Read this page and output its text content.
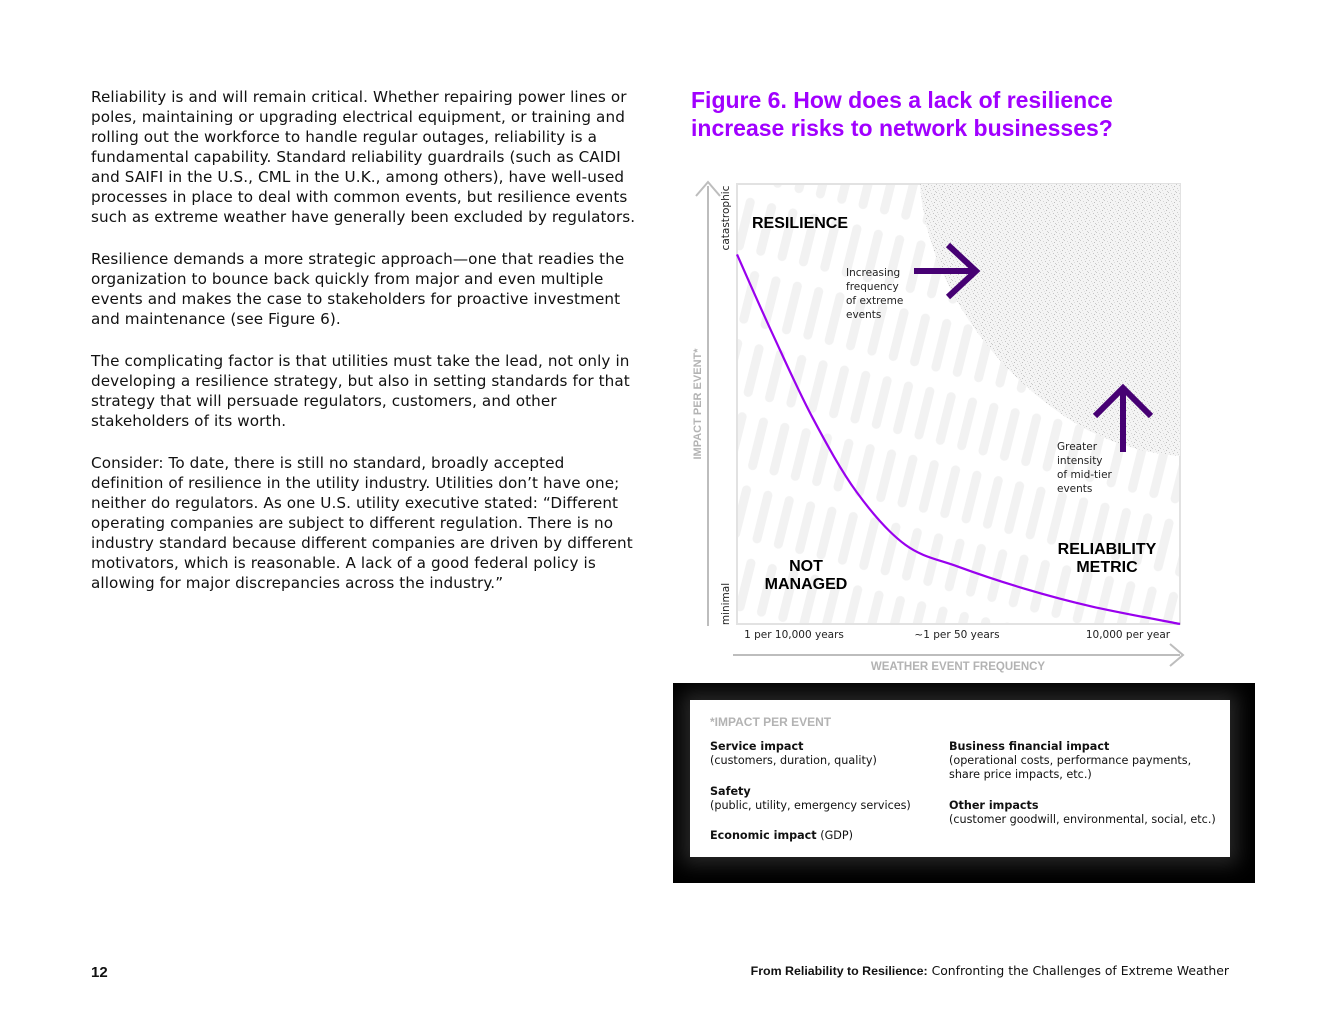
Reliability is and will remain critical. Whether repairing power lines or poles, maintaining or upgrading electrical equipment, or training and rolling out the workforce to handle regular outages, reliability is a fundamental capability. Standard reliability guardrails (such as CAIDI and SAIFI in the U.S., CML in the U.K., among others), have well-used processes in place to deal with common events, but resilience events such as extreme weather have generally been excluded by regulators.

Resilience demands a more strategic approach—one that readies the organization to bounce back quickly from major and even multiple events and makes the case to stakeholders for proactive investment and maintenance (see Figure 6).

The complicating factor is that utilities must take the lead, not only in developing a resilience strategy, but also in setting standards for that strategy that will persuade regulators, customers, and other stakeholders of its worth.

Consider: To date, there is still no standard, broadly accepted definition of resilience in the utility industry. Utilities don’t have one; neither do regulators. As one U.S. utility executive stated: “Different operating companies are subject to different regulation. There is no industry standard because different companies are driven by different motivators, which is reasonable. A lack of a good federal policy is allowing for major discrepancies across the industry.”

Figure 6. How does a lack of resilience increase risks to network businesses?
IMPACT PER EVENT*
catastrophic
minimal
WEATHER EVENT FREQUENCY
1 per 10,000 years	~1 per 50 years	10,000 per year
RESILIENCE
NOT
MANAGED
RELIABILITY
METRIC
Increasing
frequency
of extreme
events
Greater
intensity
of mid-tier
events
*IMPACT PER EVENT
Service impact
(customers, duration, quality)
Safety
(public, utility, emergency services)
Economic impact (GDP)
Business financial impact
(operational costs, performance payments,
share price impacts, etc.)
Other impacts
(customer goodwill, environmental, social, etc.)
12	From Reliability to Resilience: Confronting the Challenges of Extreme Weather
